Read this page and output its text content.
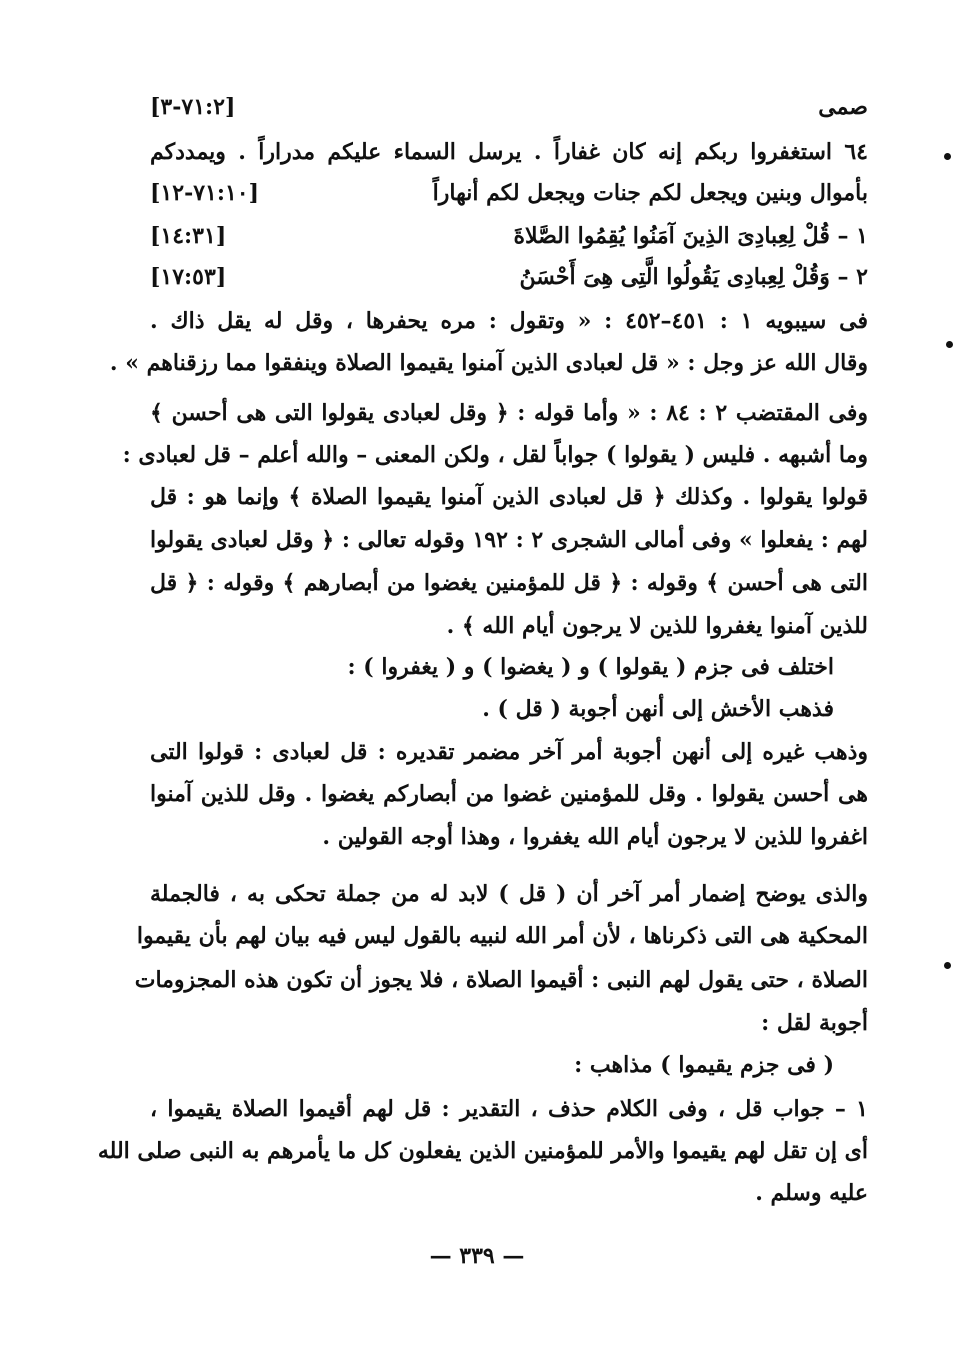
صمى
[٧١:٢-٣]
٦٤ استغفروا ربكم إنه كان غفاراً . يرسل السماء عليكم مدراراً . ويمددكم
بأموال وبنين ويجعل لكم جنات ويجعل لكم أنهاراً
[٧١:١٠-١٢]
١ – قُلْ لِعِبادِىَ الذِينَ آمَنُوا يُقِمُوا الصَّلاةَ
[١٤:٣١]
٢ – وَقُلْ لِعِبادِى يَقُولُوا الَّتِى هِىَ أَحْسَنُ
[١٧:٥٣]
فى سيبويه ١ : ٤٥١–٤٥٢ : « وتقول : مره يحفرها ، وقل له يقل ذاك .
وقال الله عز وجل : « قل لعبادى الذين آمنوا يقيموا الصلاة وينفقوا مما رزقناهم » .
وفى المقتضب ٢ : ٨٤ : « وأما قوله : ﴿ وقل لعبادى يقولوا التى هى أحسن ﴾
وما أشبهه . فليس ( يقولوا ) جواباً لقل ، ولكن المعنى – والله أعلم – قل لعبادى :
قولوا يقولوا . وكذلك ﴿ قل لعبادى الذين آمنوا يقيموا الصلاة ﴾ وإنما هو : قل
لهم : يفعلوا » وفى أمالى الشجرى ٢ : ١٩٢ وقوله تعالى : ﴿ وقل لعبادى يقولوا
التى هى أحسن ﴾ وقوله : ﴿ قل للمؤمنين يغضوا من أبصارهم ﴾ وقوله : ﴿ قل
للذين آمنوا يغفروا للذين لا يرجون أيام الله ﴾ .
اختلف فى جزم ( يقولوا ) و ( يغضوا ) و ( يغفروا ) :
فذهب الأخش إلى أنهن أجوبة ( قل ) .
وذهب غيره إلى أنهن أجوبة أمر آخر مضمر تقديره : قل لعبادى : قولوا التى
هى أحسن يقولوا . وقل للمؤمنين غضوا من أبصاركم يغضوا . وقل للذين آمنوا
اغفروا للذين لا يرجون أيام الله يغفروا ، وهذا أوجه القولين .
والذى يوضح إضمار أمر آخر أن ( قل ) لابد له من جملة تحكى به ، فالجملة
المحكية هى التى ذكرناها ، لأن أمر الله لنبيه بالقول ليس فيه بيان لهم بأن يقيموا
الصلاة ، حتى يقول لهم النبى : أقيموا الصلاة ، فلا يجوز أن تكون هذه المجزومات
أجوبة لقل :
( فى جزم يقيموا ) مذاهب :
١ – جواب قل ، وفى الكلام حذف ، التقدير : قل لهم أقيموا الصلاة يقيموا ،
أى إن تقل لهم يقيموا والأمر للمؤمنين الذين يفعلون كل ما يأمرهم به النبى صلى الله
عليه وسلم .
— ٣٣٩ —
